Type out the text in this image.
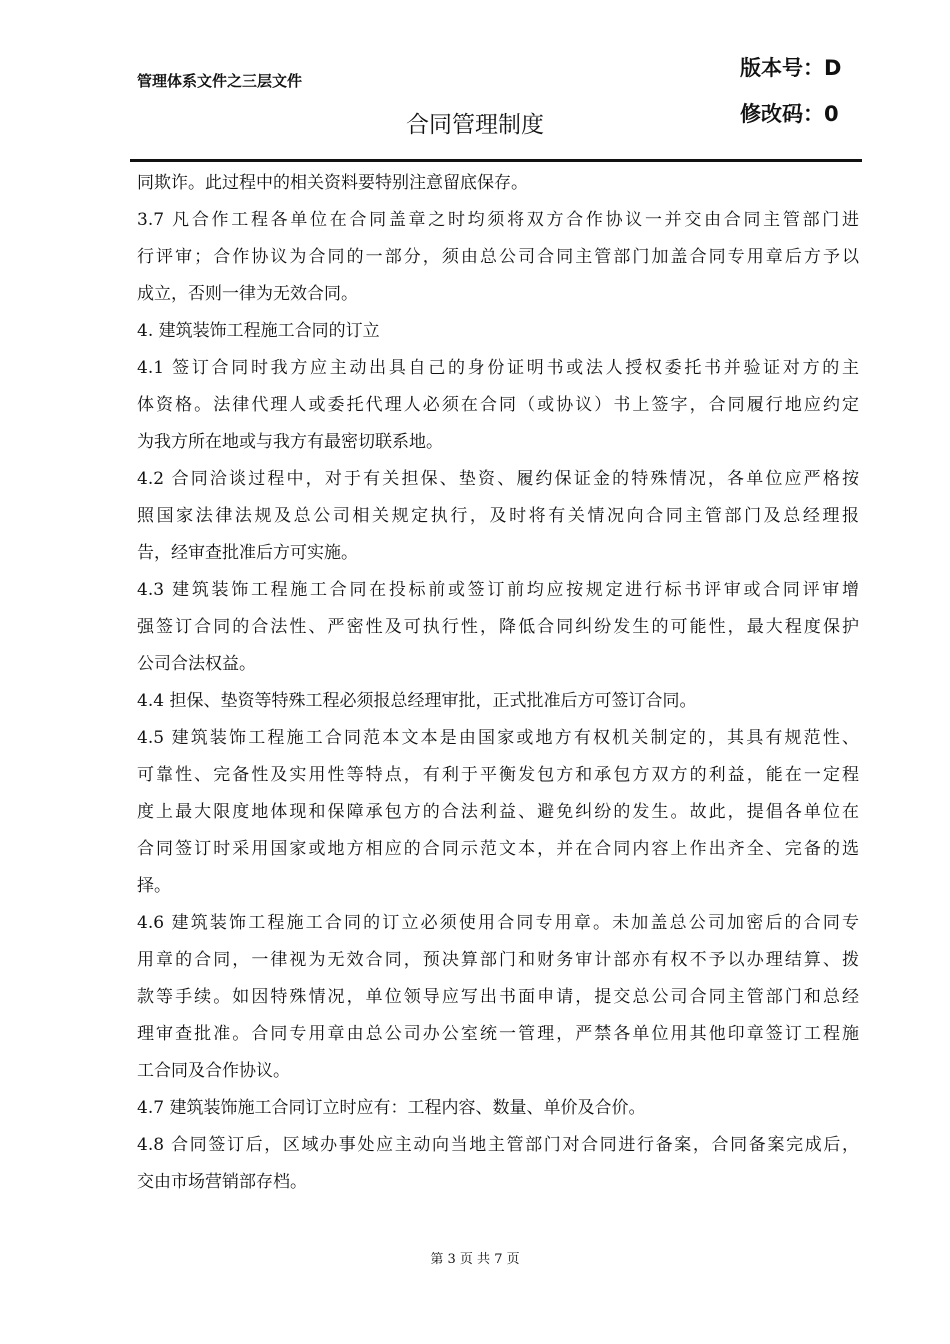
管理体系文件之三层文件
合同管理制度
版本号：D
修改码：0
同欺诈。此过程中的相关资料要特别注意留底保存。
3.7 凡合作工程各单位在合同盖章之时均须将双方合作协议一并交由合同主管部门进
行评审；合作协议为合同的一部分，须由总公司合同主管部门加盖合同专用章后方予以
成立，否则一律为无效合同。
4. 建筑装饰工程施工合同的订立
4.1 签订合同时我方应主动出具自己的身份证明书或法人授权委托书并验证对方的主
体资格。法律代理人或委托代理人必须在合同（或协议）书上签字，合同履行地应约定
为我方所在地或与我方有最密切联系地。
4.2 合同洽谈过程中，对于有关担保、垫资、履约保证金的特殊情况，各单位应严格按
照国家法律法规及总公司相关规定执行，及时将有关情况向合同主管部门及总经理报
告，经审查批准后方可实施。
4.3 建筑装饰工程施工合同在投标前或签订前均应按规定进行标书评审或合同评审增
强签订合同的合法性、严密性及可执行性，降低合同纠纷发生的可能性，最大程度保护
公司合法权益。
4.4 担保、垫资等特殊工程必须报总经理审批，正式批准后方可签订合同。
4.5 建筑装饰工程施工合同范本文本是由国家或地方有权机关制定的，其具有规范性、
可靠性、完备性及实用性等特点，有利于平衡发包方和承包方双方的利益，能在一定程
度上最大限度地体现和保障承包方的合法利益、避免纠纷的发生。故此，提倡各单位在
合同签订时采用国家或地方相应的合同示范文本，并在合同内容上作出齐全、完备的选
择。
4.6 建筑装饰工程施工合同的订立必须使用合同专用章。未加盖总公司加密后的合同专
用章的合同，一律视为无效合同，预决算部门和财务审计部亦有权不予以办理结算、拨
款等手续。如因特殊情况，单位领导应写出书面申请，提交总公司合同主管部门和总经
理审查批准。合同专用章由总公司办公室统一管理，严禁各单位用其他印章签订工程施
工合同及合作协议。
4.7 建筑装饰施工合同订立时应有：工程内容、数量、单价及合价。
4.8 合同签订后，区域办事处应主动向当地主管部门对合同进行备案，合同备案完成后，
交由市场营销部存档。
第 3 页 共 7 页
